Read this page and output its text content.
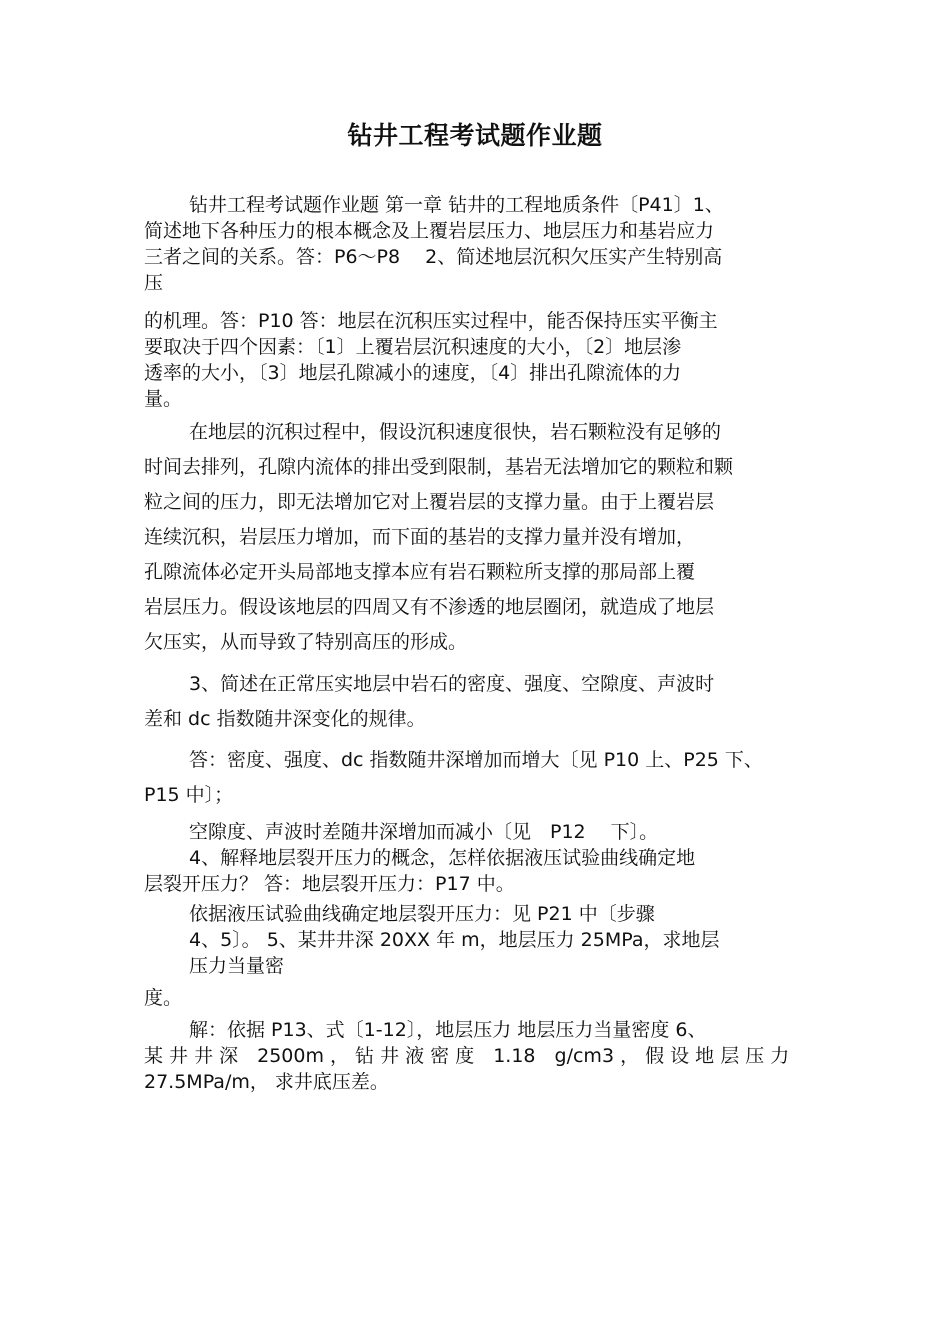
钻井工程考试题作业题
钻井工程考试题作业题 第一章 钻井的工程地质条件〔P41〕1、
简述地下各种压力的根本概念及上覆岩层压力、地层压力和基岩应力
三者之间的关系。答：P6～P8　 2、简述地层沉积欠压实产生特别高
压
的机理。答：P10 答：地层在沉积压实过程中，能否保持压实平衡主
要取决于四个因素：〔1〕上覆岩层沉积速度的大小，〔2〕地层渗
透率的大小，〔3〕地层孔隙减小的速度，〔4〕排出孔隙流体的力
量。
在地层的沉积过程中，假设沉积速度很快，岩石颗粒没有足够的
时间去排列，孔隙内流体的排出受到限制，基岩无法增加它的颗粒和颗
粒之间的压力，即无法增加它对上覆岩层的支撑力量。由于上覆岩层
连续沉积，岩层压力增加，而下面的基岩的支撑力量并没有增加，
孔隙流体必定开头局部地支撑本应有岩石颗粒所支撑的那局部上覆
岩层压力。假设该地层的四周又有不渗透的地层圈闭，就造成了地层
欠压实，从而导致了特别高压的形成。
3、简述在正常压实地层中岩石的密度、强度、空隙度、声波时
差和 dc 指数随井深变化的规律。
答：密度、强度、dc 指数随井深增加而增大〔见 P10 上、P25 下、
P15 中〕；
空隙度、声波时差随井深增加而减小〔见　P12　 下〕。
4、解释地层裂开压力的概念，怎样依据液压试验曲线确定地
层裂开压力？ 答：地层裂开压力：P17 中。
依据液压试验曲线确定地层裂开压力：见 P21 中〔步骤
4、5〕。 5、某井井深 20XX 年 m，地层压力 25MPa，求地层
压力当量密
度。
解：依据 P13、式〔1-12〕，地层压力 地层压力当量密度 6、
某 井 井 深　2500m ， 钻 井 液 密 度　1.18　g/cm3 ， 假 设 地 层 压 力
27.5MPa/m， 求井底压差。
